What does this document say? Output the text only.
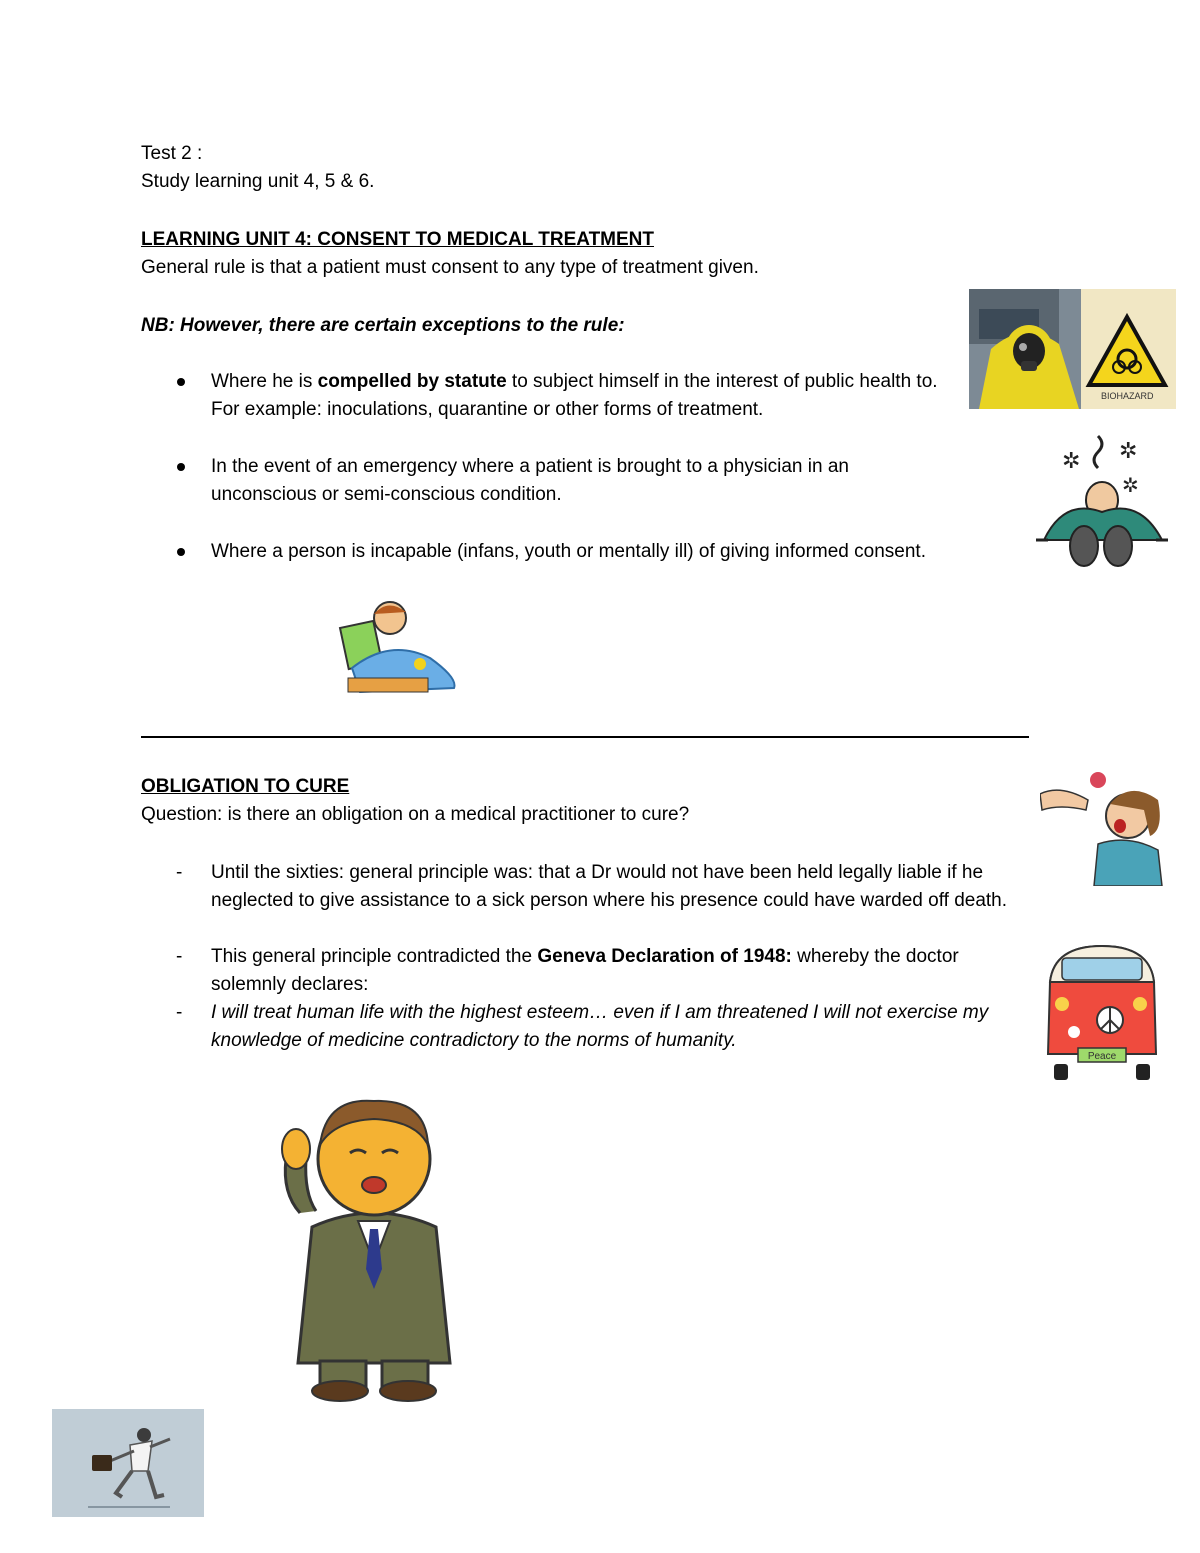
Test 2 :
Study learning unit 4, 5 & 6.
LEARNING UNIT 4: CONSENT TO MEDICAL TREATMENT
General rule is that a patient must consent to any type of treatment given.
NB: However, there are certain exceptions to the rule:
Where he is compelled by statute to subject himself in the interest of public health to. For example: inoculations, quarantine or other forms of treatment.
In the event of an emergency where a patient is brought to a physician in an unconscious or semi-conscious condition.
Where a person is incapable (infans, youth or mentally ill) of giving informed consent.
OBLIGATION TO CURE
Question: is there an obligation on a medical practitioner to cure?
- Until the sixties: general principle was: that a Dr would not have been held legally liable if he neglected to give assistance to a sick person where his presence could have warded off death.
- This general principle contradicted the Geneva Declaration of 1948: whereby the doctor solemnly declares:
- I will treat human life with the highest esteem… even if I am threatened I will not exercise my knowledge of medicine contradictory to the norms of humanity.
BIOHAZARD
✲ ✲
✲
Peace
